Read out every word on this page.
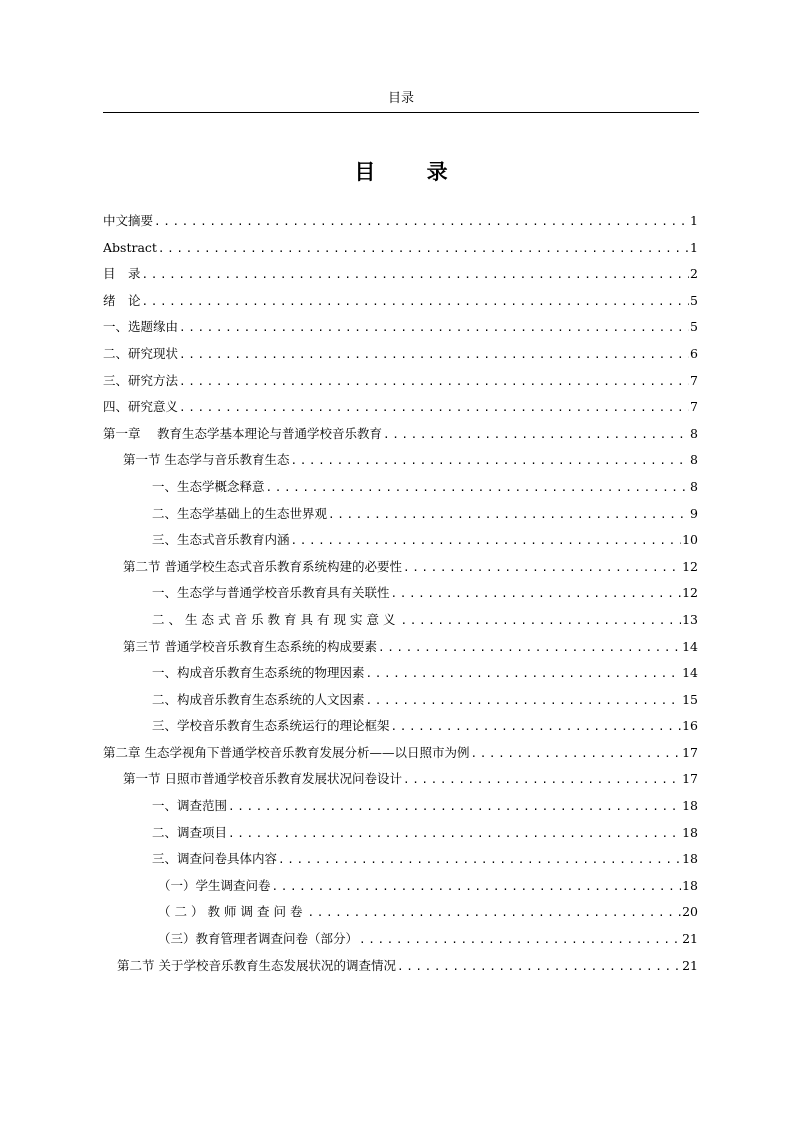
目录
目 录
中文摘要 .....	1
Abstract .....	1
目　录 .....	2
绪　论 .....	5
一、选题缘由 .....	5
二、研究现状 .....	6
三、研究方法 .....	7
四、研究意义 .....	7
第一章　 教育生态学基本理论与普通学校音乐教育 .....	8
第一节 生态学与音乐教育生态 .....	8
一、生态学概念释意 .....	8
二、生态学基础上的生态世界观 .....	9
三、生态式音乐教育内涵 .....	10
第二节 普通学校生态式音乐教育系统构建的必要性 .....	12
一、生态学与普通学校音乐教育具有关联性 .....	12
二、生态式音乐教育具有现实意义 .....	13
第三节 普通学校音乐教育生态系统的构成要素 .....	14
一、构成音乐教育生态系统的物理因素 .....	14
二、构成音乐教育生态系统的人文因素 .....	15
三、学校音乐教育生态系统运行的理论框架 .....	16
第二章 生态学视角下普通学校音乐教育发展分析——以日照市为例 .....	17
第一节 日照市普通学校音乐教育发展状况问卷设计 .....	17
一、调查范围 .....	18
二、调查项目 .....	18
三、调查问卷具体内容 .....	18
（一）学生调查问卷 .....	18
（二）教师调查问卷 .....	20
（三）教育管理者调查问卷（部分） .....	21
第二节 关于学校音乐教育生态发展状况的调查情况 .....	21
